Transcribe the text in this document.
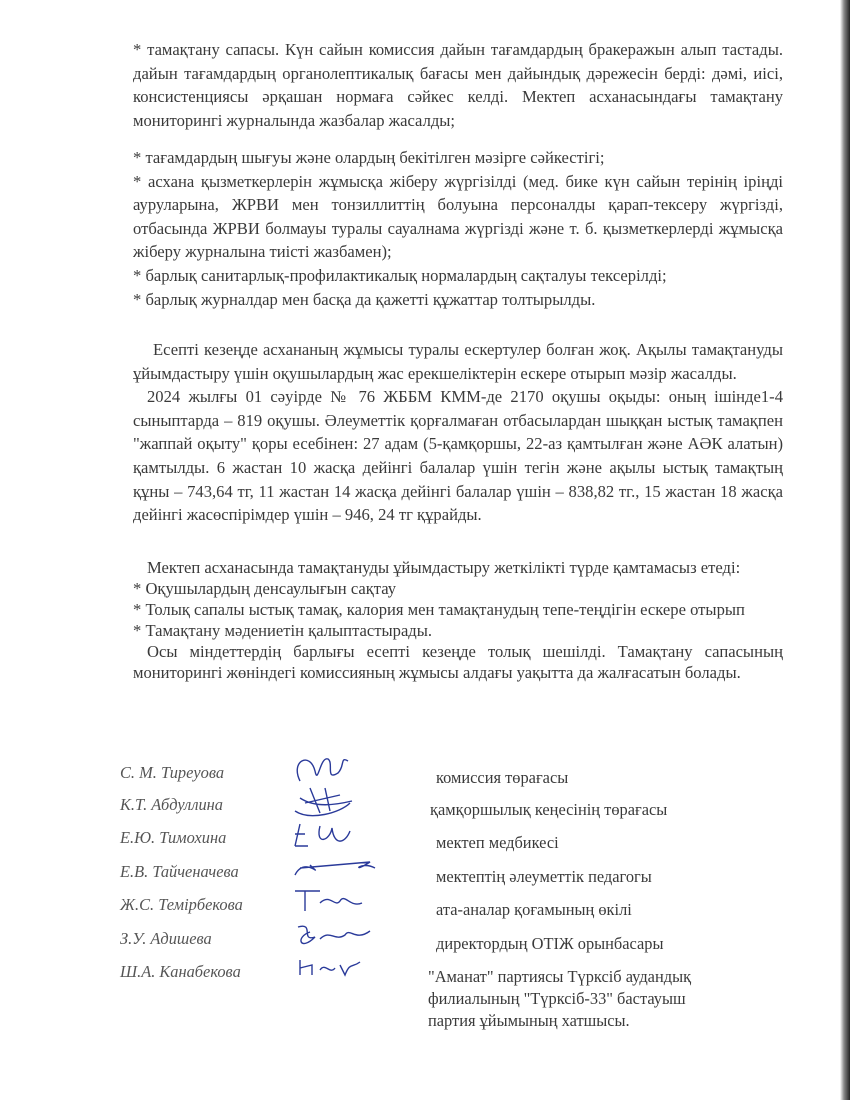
* тамақтану сапасы. Күн сайын комиссия дайын тағамдардың бракеражын алып тастады. дайын тағамдардың органолептикалық бағасы мен дайындық дәрежесін берді: дәмі, иісі, консистенциясы әрқашан нормаға сәйкес келді. Мектеп асханасындағы тамақтану мониторингі журналында жазбалар жасалды;

* тағамдардың шығуы және олардың бекітілген мәзірге сәйкестігі;

* асхана қызметкерлерін жұмысқа жіберу жүргізілді (мед. бике күн сайын терінің іріңді ауруларына, ЖРВИ мен тонзиллиттің болуына персоналды қарап-тексеру жүргізді, отбасында ЖРВИ болмауы туралы сауалнама жүргізді және т. б. қызметкерлерді жұмысқа жіберу журналына тиісті жазбамен);

* барлық санитарлық-профилактикалық нормалардың сақталуы тексерілді;

* барлық журналдар мен басқа да қажетті құжаттар толтырылды.

Есепті кезеңде асхананың жұмысы туралы ескертулер болған жоқ. Ақылы тамақтануды ұйымдастыру үшін оқушылардың жас ерекшеліктерін ескере отырып мәзір жасалды.

2024 жылғы 01 сәуірде № 76 ЖББМ КММ-де 2170 оқушы оқыды: оның ішінде1-4 сыныптарда – 819 оқушы. Әлеуметтік қорғалмаған отбасылардан шыққан ыстық тамақпен "жаппай оқыту" қоры есебінен: 27 адам (5-қамқоршы, 22-аз қамтылған және АӘК алатын) қамтылды. 6 жастан 10 жасқа дейінгі балалар үшін тегін және ақылы ыстық тамақтың құны – 743,64 тг, 11 жастан 14 жасқа дейінгі балалар үшін – 838,82 тг., 15 жастан 18 жасқа дейінгі жасөспірімдер үшін – 946, 24 тг құрайды.

Мектеп асханасында тамақтануды ұйымдастыру жеткілікті түрде қамтамасыз етеді:

* Оқушылардың денсаулығын сақтау

* Толық сапалы ыстық тамақ, калория мен тамақтанудың тепе-теңдігін ескере отырып

* Тамақтану мәдениетін қалыптастырады.

Осы міндеттердің барлығы есепті кезеңде толық шешілді. Тамақтану сапасының мониторингі жөніндегі комиссияның жұмысы алдағы уақытта да жалғасатын болады.

С. М. Тиреуова	комиссия төрағасы
К.Т. Абдуллина	қамқоршылық кеңесінің төрағасы
Е.Ю. Тимохина	мектеп медбикесі
Е.В. Тайченачева	мектептің әлеуметтік педагогы
Ж.С. Темірбекова	ата-аналар қоғамының өкілі
З.У. Адишева	директордың ОТІЖ орынбасары
Ш.А. Канабекова	"Аманат" партиясы Түрксіб аудандық филиалының "Түрксіб-33" бастауыш партия ұйымының хатшысы.
